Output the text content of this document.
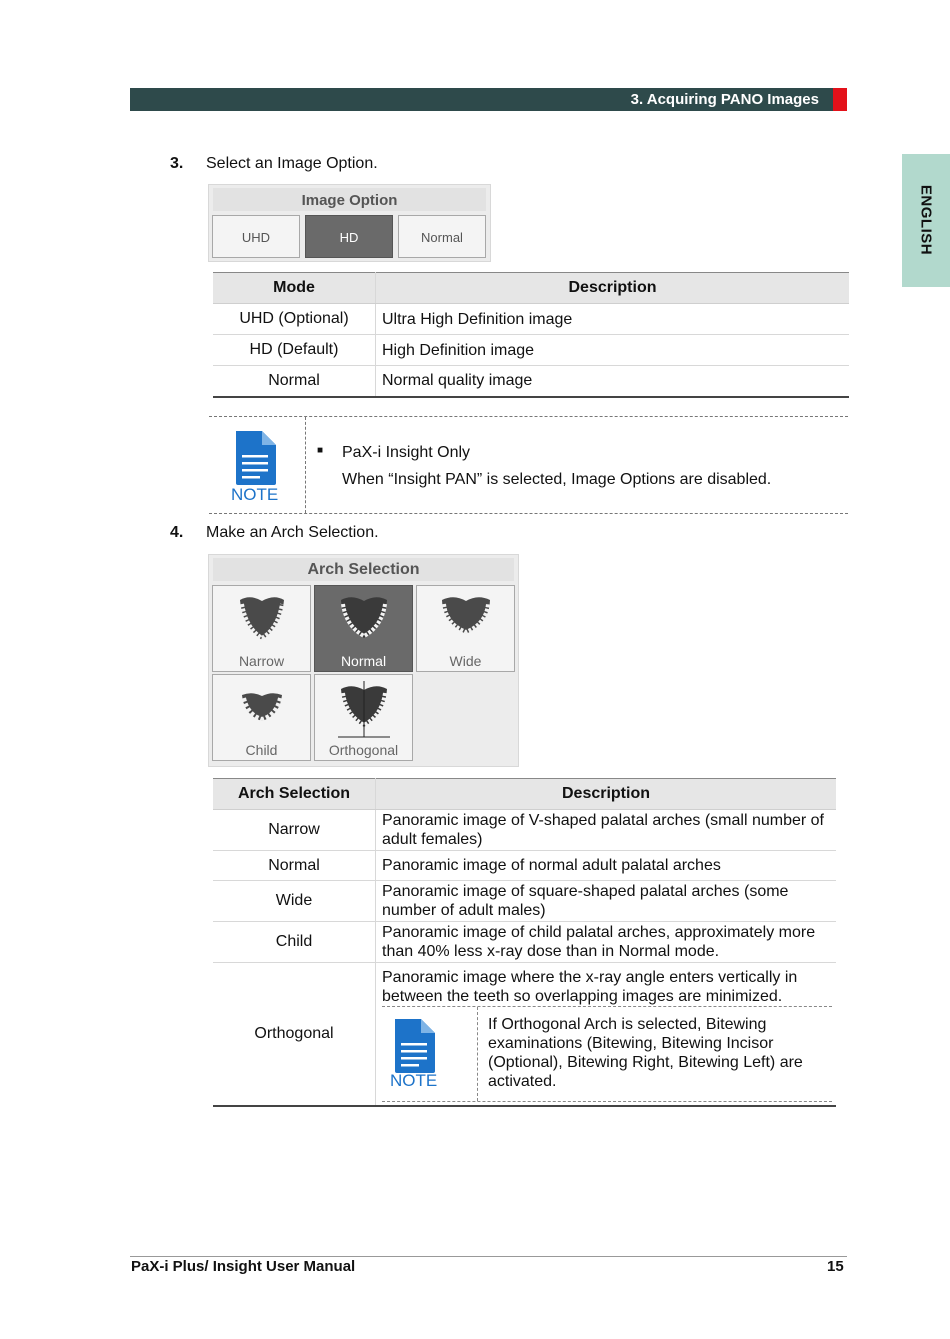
3. Acquiring PANO Images
ENGLISH
3. Select an Image Option.
Image Option
UHD	HD	Normal
Mode	Description
UHD (Optional)	Ultra High Definition image
HD (Default)	High Definition image
Normal	Normal quality image
NOTE
■ PaX-i Insight Only
When “Insight PAN” is selected, Image Options are disabled.
4. Make an Arch Selection.
Arch Selection
Narrow	Normal	Wide
Child	Orthogonal
Arch Selection	Description
Narrow	Panoramic image of V-shaped palatal arches (small number of adult females)
Normal	Panoramic image of normal adult palatal arches
Wide	Panoramic image of square-shaped palatal arches (some number of adult males)
Child	Panoramic image of child palatal arches, approximately more than 40% less x-ray dose than in Normal mode.
Orthogonal	Panoramic image where the x-ray angle enters vertically in between the teeth so overlapping images are minimized.
NOTE
If Orthogonal Arch is selected, Bitewing examinations (Bitewing, Bitewing Incisor (Optional), Bitewing Right, Bitewing Left) are activated.
PaX-i Plus/ Insight User Manual	15
